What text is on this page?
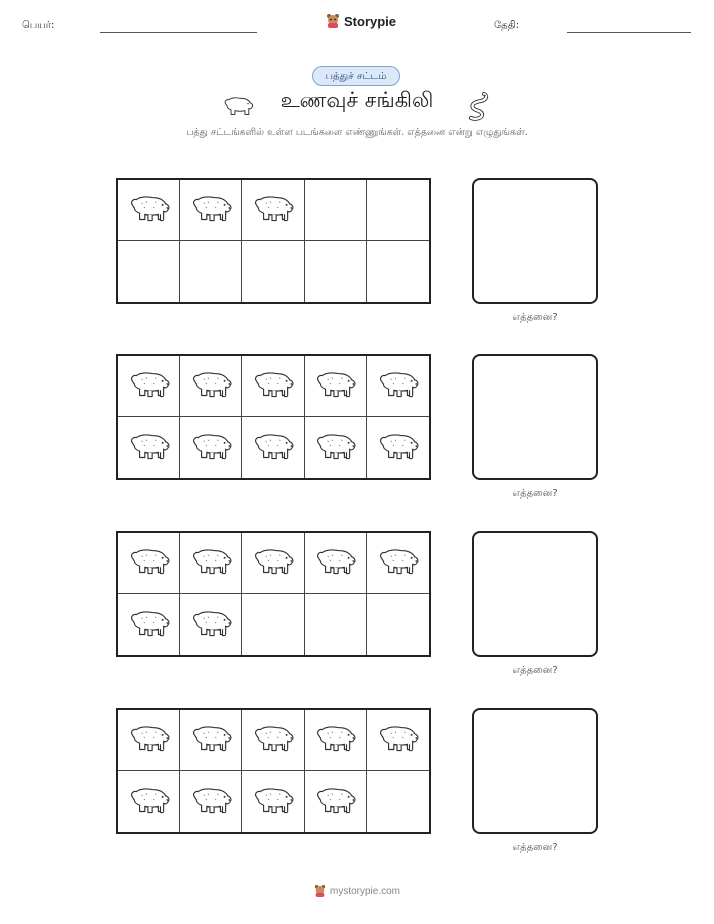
பெயர்:	Storypie	தேதி:
பத்துச் சட்டம்
உணவுச் சங்கிலி
பத்து சட்டங்களில் உள்ள படங்களை எண்ணுங்கள். எத்தனை என்று எழுதுங்கள்.
எத்தனை?
எத்தனை?
எத்தனை?
எத்தனை?
mystorypie.com
